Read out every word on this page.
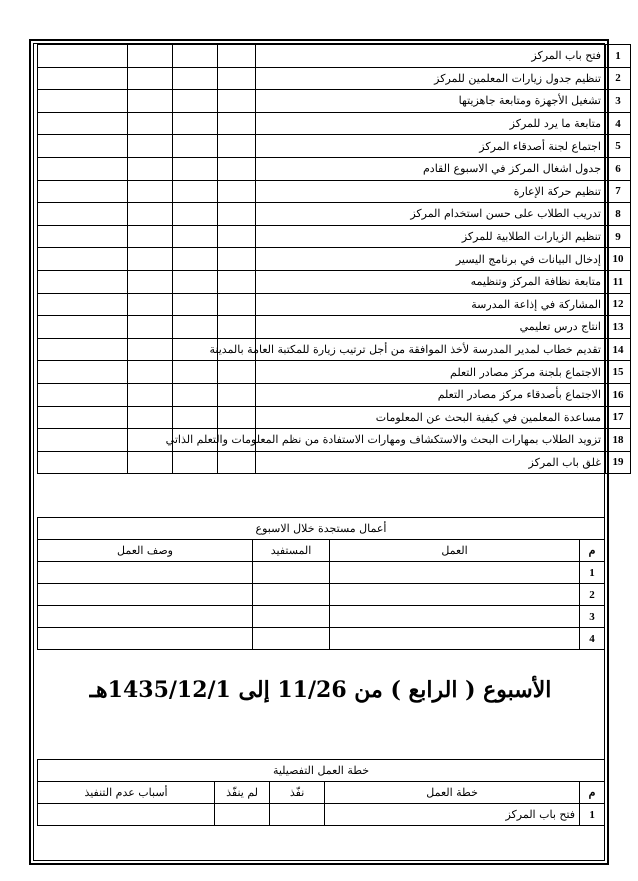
1	فتح باب المركز				
2	تنظيم جدول زيارات المعلمين للمركز				
3	تشغيل الأجهزة ومتابعة جاهزيتها				
4	متابعة ما يرد للمركز				
5	اجتماع لجنة أصدقاء المركز				
6	جدول اشغال المركز في الاسبوع القادم				
7	تنظيم حركة الإعارة				
8	تدريب الطلاب على حسن استخدام المركز				
9	تنظيم الزيارات الطلابية للمركز				
10	إدخال البيانات في برنامج اليسير				
11	متابعة نظافة المركز وتنظيمه				
12	المشاركة في إذاعة المدرسة				
13	انتاج درس تعليمي				
14	تقديم خطاب لمدير المدرسة لأخذ الموافقة من أجل ترتيب زيارة للمكتبة العامة بالمدينة				
15	الاجتماع بلجنة مركز مصادر التعلم				
16	الاجتماع بأصدقاء مركز مصادر التعلم				
17	مساعدة المعلمين في كيفية البحث عن المعلومات				
18	تزويد الطلاب بمهارات البحث والاستكشاف ومهارات الاستفادة من نظم المعلومات والتعلم الذاتي				
19	غلق باب المركز				
أعمال مستجدة خلال الاسبوع			
م	العمل	المستفيد	وصف العمل
1			
2			
3			
4			
الأسبوع ( الرابع ) من 11/26 إلى 1435/12/1هـ
خطة العمل التفصيلية				
م	خطة العمل	نفّذ	لم ينفّذ	أسباب عدم التنفيذ
1	فتح باب المركز			
